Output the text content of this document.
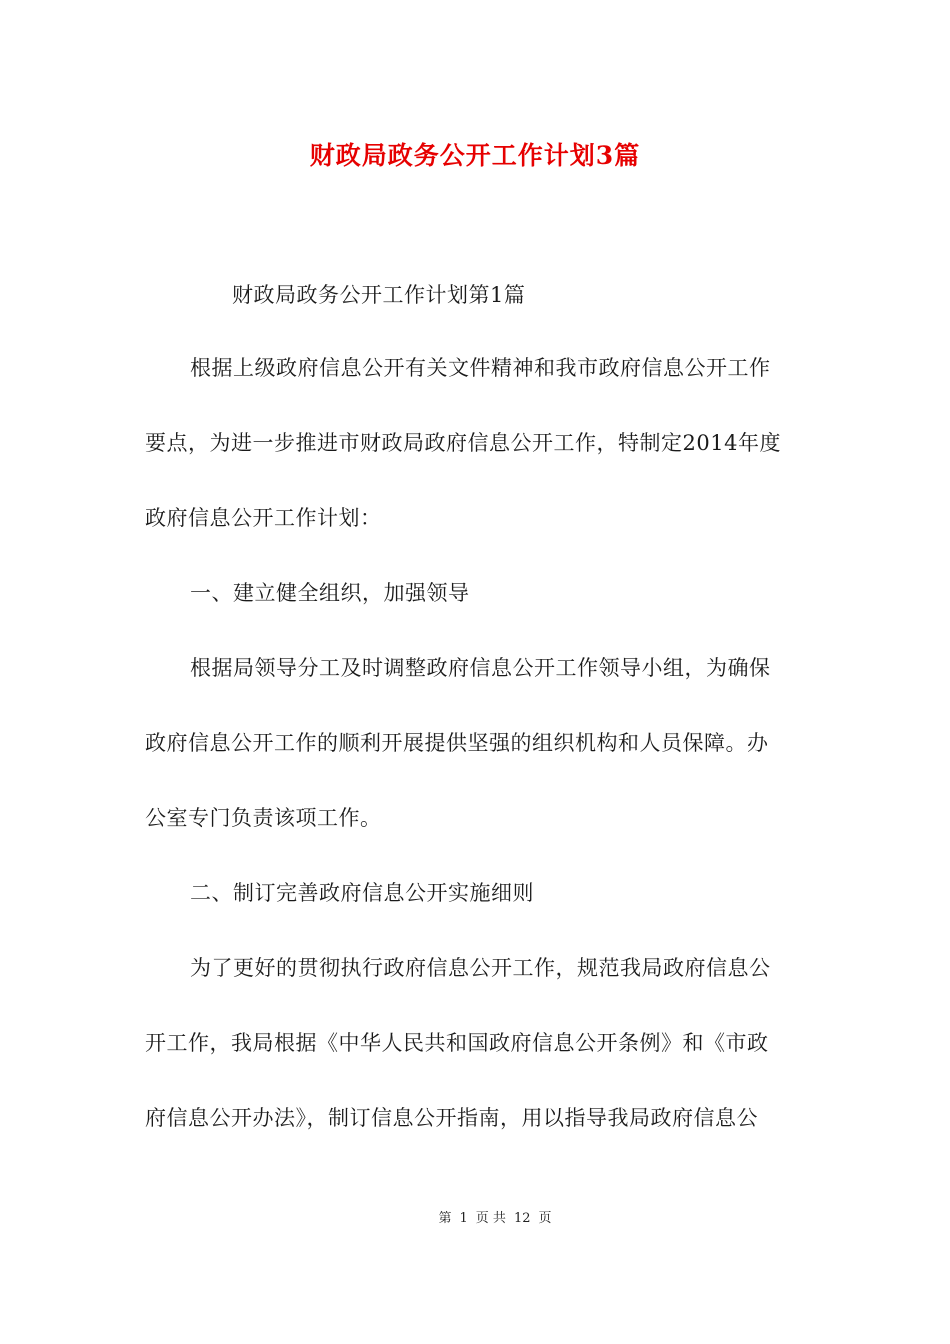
财政局政务公开工作计划3篇
财政局政务公开工作计划第1篇
根据上级政府信息公开有关文件精神和我市政府信息公开工作
要点，为进一步推进市财政局政府信息公开工作，特制定2014年度
政府信息公开工作计划：
一、建立健全组织，加强领导
根据局领导分工及时调整政府信息公开工作领导小组，为确保
政府信息公开工作的顺利开展提供坚强的组织机构和人员保障。办
公室专门负责该项工作。
二、制订完善政府信息公开实施细则
为了更好的贯彻执行政府信息公开工作，规范我局政府信息公
开工作，我局根据《中华人民共和国政府信息公开条例》和《市政
府信息公开办法》，制订信息公开指南，用以指导我局政府信息公
第 1 页 共 12 页
